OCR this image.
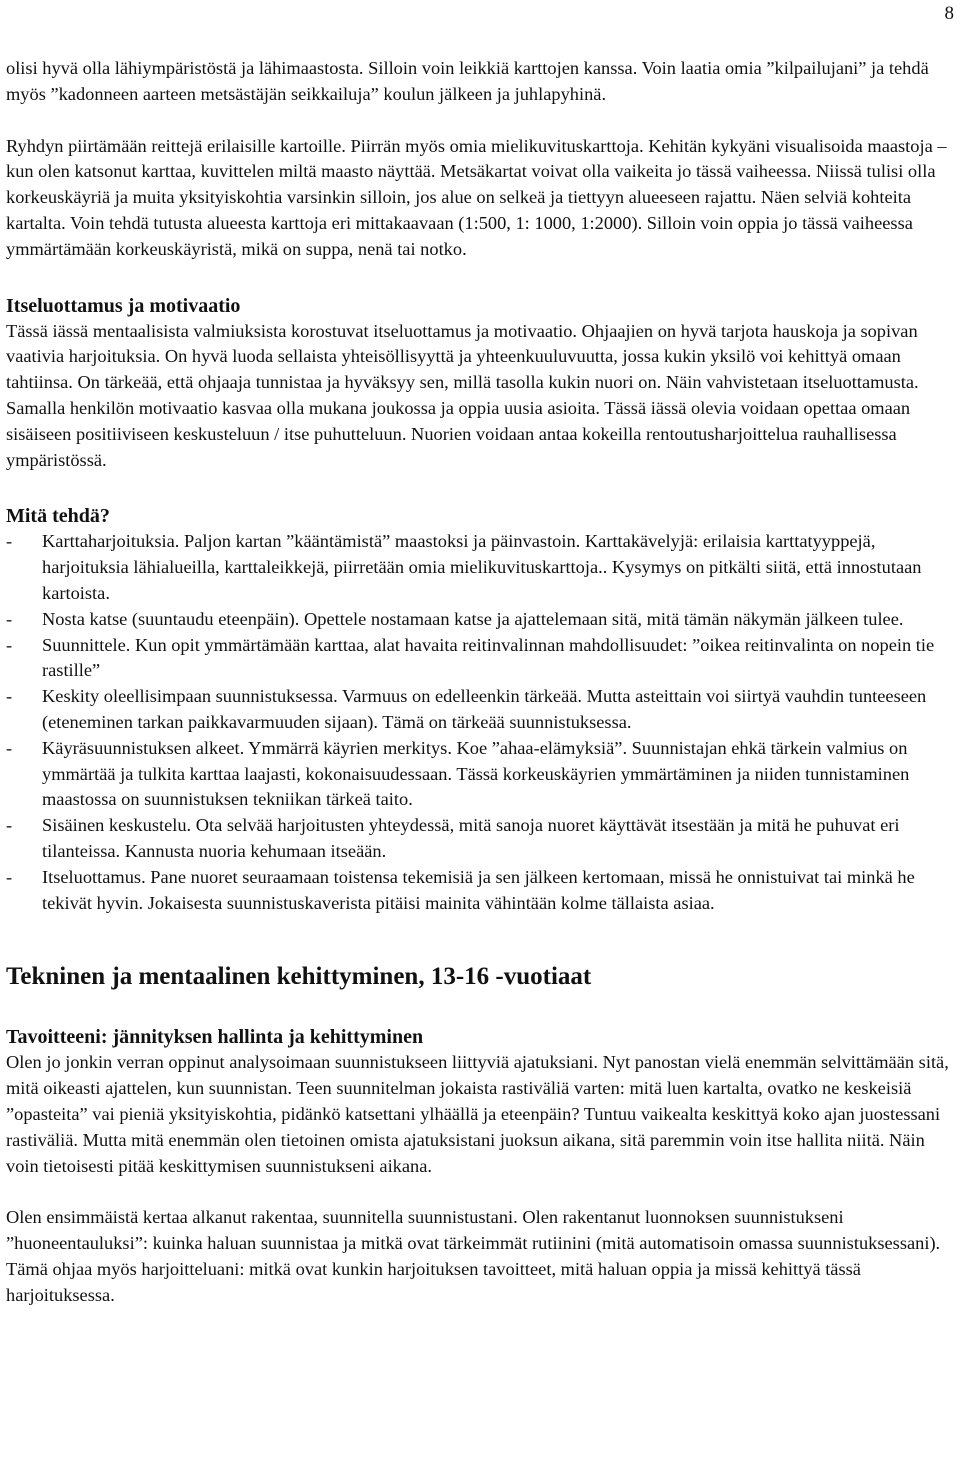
8

olisi hyvä olla lähiympäristöstä ja lähimaastosta. Silloin voin leikkiä karttojen kanssa. Voin laatia omia ”kilpailujani” ja tehdä myös ”kadonneen aarteen metsästäjän seikkailuja” koulun jälkeen ja juhlapyhinä.

Ryhdyn piirtämään reittejä erilaisille kartoille. Piirrän myös omia mielikuvituskarttoja. Kehitän kykyäni visualisoida maastoja – kun olen katsonut karttaa, kuvittelen miltä maasto näyttää. Metsäkartat voivat olla vaikeita jo tässä vaiheessa. Niissä tulisi olla korkeuskäyriä ja muita yksityiskohtia varsinkin silloin, jos alue on selkeä ja tiettyyn alueeseen rajattu. Näen selviä kohteita kartalta. Voin tehdä tutusta alueesta karttoja eri mittakaavaan (1:500, 1: 1000, 1:2000). Silloin voin oppia jo tässä vaiheessa ymmärtämään korkeuskäyristä, mikä on suppa, nenä tai notko.

Itseluottamus ja motivaatio

Tässä iässä mentaalisista valmiuksista korostuvat itseluottamus ja motivaatio. Ohjaajien on hyvä tarjota hauskoja ja sopivan vaativia harjoituksia. On hyvä luoda sellaista yhteisöllisyyttä ja yhteenkuuluvuutta, jossa kukin yksilö voi kehittyä omaan tahtiinsa. On tärkeää, että ohjaaja tunnistaa ja hyväksyy sen, millä tasolla kukin nuori on. Näin vahvistetaan itseluottamusta. Samalla henkilön motivaatio kasvaa olla mukana joukossa ja oppia uusia asioita. Tässä iässä olevia voidaan opettaa omaan sisäiseen positiiviseen keskusteluun / itse puhutteluun. Nuorien voidaan antaa kokeilla rentoutusharjoittelua rauhallisessa ympäristössä.

Mitä tehdä?
- Karttaharjoituksia. Paljon kartan ”kääntämistä” maastoksi ja päinvastoin. Karttakävelyjä: erilaisia karttatyyppejä, harjoituksia lähialueilla, karttaleikkejä, piirretään omia mielikuvituskarttoja.. Kysymys on pitkälti siitä, että innostutaan kartoista.
- Nosta katse (suuntaudu eteenpäin). Opettele nostamaan katse ja ajattelemaan sitä, mitä tämän näkymän jälkeen tulee.
- Suunnittele. Kun opit ymmärtämään karttaa, alat havaita reitinvalinnan mahdollisuudet: ”oikea reitinvalinta on nopein tie rastille”
- Keskity oleellisimpaan suunnistuksessa. Varmuus on edelleenkin tärkeää. Mutta asteittain voi siirtyä vauhdin tunteeseen (eteneminen tarkan paikkavarmuuden sijaan). Tämä on tärkeää suunnistuksessa.
- Käyräsuunnistuksen alkeet. Ymmärrä käyrien merkitys. Koe ”ahaa-elämyksiä”. Suunnistajan ehkä tärkein valmius on ymmärtää ja tulkita karttaa laajasti, kokonaisuudessaan. Tässä korkeuskäyrien ymmärtäminen ja niiden tunnistaminen maastossa on suunnistuksen tekniikan tärkeä taito.
- Sisäinen keskustelu. Ota selvää harjoitusten yhteydessä, mitä sanoja nuoret käyttävät itsestään ja mitä he puhuvat eri tilanteissa. Kannusta nuoria kehumaan itseään.
- Itseluottamus. Pane nuoret seuraamaan toistensa tekemisiä ja sen jälkeen kertomaan, missä he onnistuivat tai minkä he tekivät hyvin. Jokaisesta suunnistuskaverista pitäisi mainita vähintään kolme tällaista asiaa.
Tekninen ja mentaalinen kehittyminen, 13-16 -vuotiaat
Tavoitteeni: jännityksen hallinta ja kehittyminen

Olen jo jonkin verran oppinut analysoimaan suunnistukseen liittyviä ajatuksiani. Nyt panostan vielä enemmän selvittämään sitä, mitä oikeasti ajattelen, kun suunnistan. Teen suunnitelman jokaista rastiväliä varten: mitä luen kartalta, ovatko ne keskeisiä ”opasteita” vai pieniä yksityiskohtia, pidänkö katsettani ylhäällä ja eteenpäin? Tuntuu vaikealta keskittyä koko ajan juostessani rastiväliä. Mutta mitä enemmän olen tietoinen omista ajatuksistani juoksun aikana, sitä paremmin voin itse hallita niitä. Näin voin tietoisesti pitää keskittymisen suunnistukseni aikana.

Olen ensimmäistä kertaa alkanut rakentaa, suunnitella suunnistustani. Olen rakentanut luonnoksen suunnistukseni ”huoneentauluksi”: kuinka haluan suunnistaa ja mitkä ovat tärkeimmät rutiinini (mitä automatisoin omassa suunnistuksessani). Tämä ohjaa myös harjoitteluani: mitkä ovat kunkin harjoituksen tavoitteet, mitä haluan oppia ja missä kehittyä tässä harjoituksessa.
